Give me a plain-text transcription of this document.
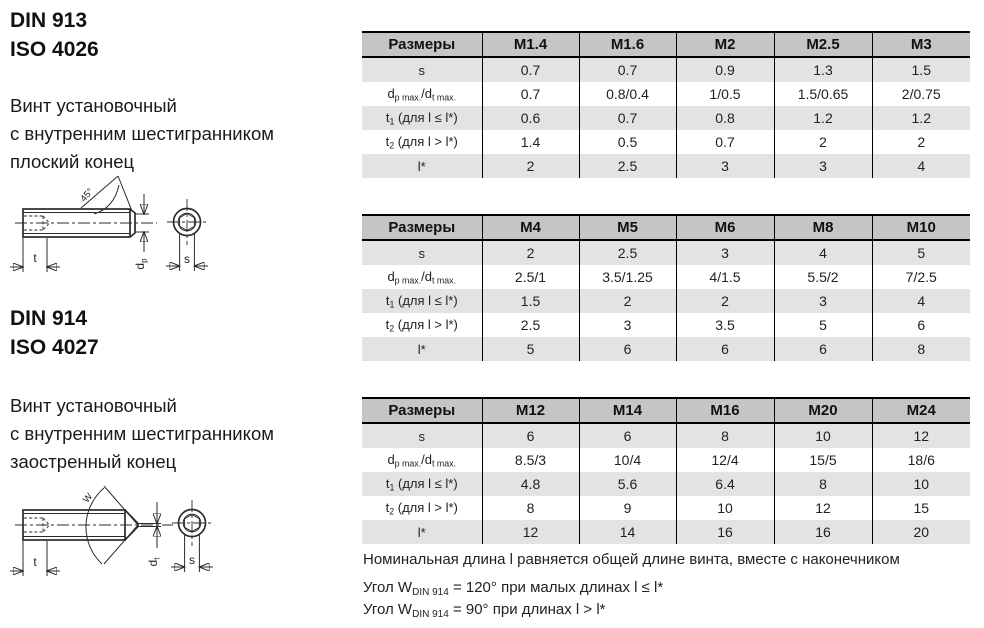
DIN 913
ISO 4026
Винт установочный
с внутренним шестигранником
плоский конец
45°
t
$d_p$	s
DIN 914
ISO 4027
Винт установочный
с внутренним шестигранником
заостренный конец
W
t	$d_t$ s
Размеры	M1.4	M1.6	M2	M2.5	M3
s	0.7	0.7	0.9	1.3	1.5
$d_{p max.}/d_{t max.}$	0.7	0.8/0.4	1/0.5	1.5/0.65	2/0.75
$t_1$ (для l ≤ l*)	0.6	0.7	0.8	1.2	1.2
$t_2$ (для l > l*)	1.4	0.5	0.7	2	2
l*	2	2.5	3	3	4
Размеры	M4	M5	M6	M8	M10
s	2	2.5	3	4	5
$d_{p max.}/d_{t max.}$	2.5/1	3.5/1.25	4/1.5	5.5/2	7/2.5
$t_1$ (для l ≤ l*)	1.5	2	2	3	4
$t_2$ (для l > l*)	2.5	3	3.5	5	6
l*	5	6	6	6	8
Размеры	M12	M14	M16	M20	M24
s	6	6	8	10	12
$d_{p max.}/d_{t max.}$	8.5/3	10/4	12/4	15/5	18/6
$t_1$ (для l ≤ l*)	4.8	5.6	6.4	8	10
$t_2$ (для l > l*)	8	9	10	12	15
l*	12	14	16	16	20
Номинальная длина l равняется общей длине винта, вместе с наконечником
Угол $W_{DIN 914} = 120^\circ$ при малых длинах l ≤ l*
Угол $W_{DIN 914} = 90^\circ$ при длинах l > l*
